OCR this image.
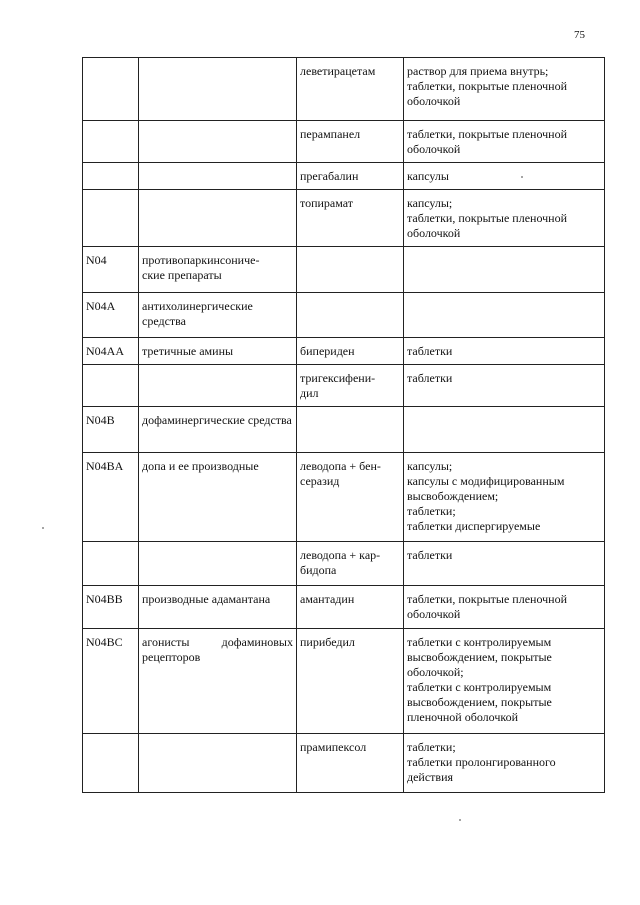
75
		леветирацетам	раствор для приема внутрь;
таблетки, покрытые пленочной оболочкой
		перампанел	таблетки, покрытые пленочной оболочкой
		прегабалин	капсулы
		топирамат	капсулы;
таблетки, покрытые пленочной оболочкой
N04	противопаркинсониче-
ские препараты		
N04A	антихолинергические средства		
N04AA	третичные амины	бипериден	таблетки
		тригексифени-
дил	таблетки
N04B	дофаминергические средства		
N04BA	допа и ее производные	леводопа + бен-
серазид	капсулы;
капсулы с модифицированным высвобождением;
таблетки;
таблетки диспергируемые
		леводопа + кар-
бидопа	таблетки
N04BB	производные адамантана	амантадин	таблетки, покрытые пленочной оболочкой
N04BC	агонисты дофаминовых рецепторов	пирибедил	таблетки с контролируемым высвобождением, покрытые оболочкой;
таблетки с контролируемым высвобождением, покрытые пленочной оболочкой
		прамипексол	таблетки;
таблетки пролонгированного действия
